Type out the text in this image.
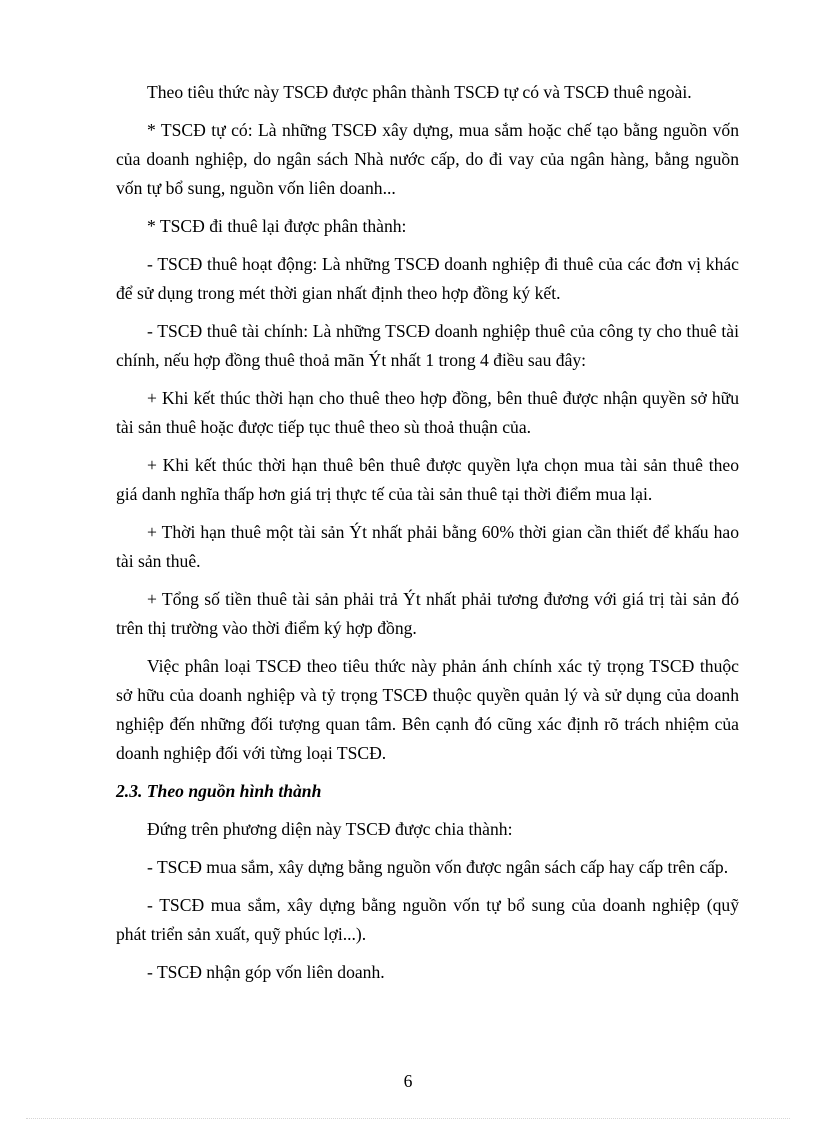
Theo tiêu thức này TSCĐ được phân thành TSCĐ tự có và TSCĐ thuê ngoài.

* TSCĐ tự có: Là những TSCĐ xây dựng, mua sắm hoặc chế tạo bằng nguồn vốn của doanh nghiệp, do ngân sách Nhà nước cấp, do đi vay của ngân hàng, bằng nguồn vốn tự bổ sung, nguồn vốn liên doanh...

* TSCĐ đi thuê lại được phân thành:

- TSCĐ thuê hoạt động: Là những TSCĐ doanh nghiệp đi thuê của các đơn vị khác để sử dụng trong mét thời gian nhất định theo hợp đồng ký kết.

- TSCĐ thuê tài chính: Là những TSCĐ doanh nghiệp thuê của công ty cho thuê tài chính, nếu hợp đồng thuê thoả mãn Ýt nhất 1 trong 4 điều sau đây:

+ Khi kết thúc thời hạn cho thuê theo hợp đồng, bên thuê được nhận quyền sở hữu tài sản thuê hoặc được tiếp tục thuê theo sù thoả thuận của.

+ Khi kết thúc thời hạn thuê bên thuê được quyền lựa chọn mua tài sản thuê theo giá danh nghĩa thấp hơn giá trị thực tế của tài sản thuê tại thời điểm mua lại.

+ Thời hạn thuê một tài sản Ýt nhất phải bằng 60% thời gian cần thiết để khấu hao tài sản thuê.

+ Tổng số tiền thuê tài sản phải trả Ýt nhất phải tương đương với giá trị tài sản đó trên thị trường vào thời điểm ký hợp đồng.

Việc phân loại TSCĐ theo tiêu thức này phản ánh chính xác tỷ trọng TSCĐ thuộc sở hữu của doanh nghiệp và tỷ trọng TSCĐ thuộc quyền quản lý và sử dụng của doanh nghiệp đến những đối tượng quan tâm. Bên cạnh đó cũng xác định rõ trách nhiệm của doanh nghiệp đối với từng loại TSCĐ.

2.3. Theo nguồn hình thành

Đứng trên phương diện này TSCĐ được chia thành:

- TSCĐ mua sắm, xây dựng bằng nguồn vốn được ngân sách cấp hay cấp trên cấp.

- TSCĐ mua sắm, xây dựng bằng nguồn vốn tự bổ sung của doanh nghiệp (quỹ phát triển sản xuất, quỹ phúc lợi...).

- TSCĐ nhận góp vốn liên doanh.

6
